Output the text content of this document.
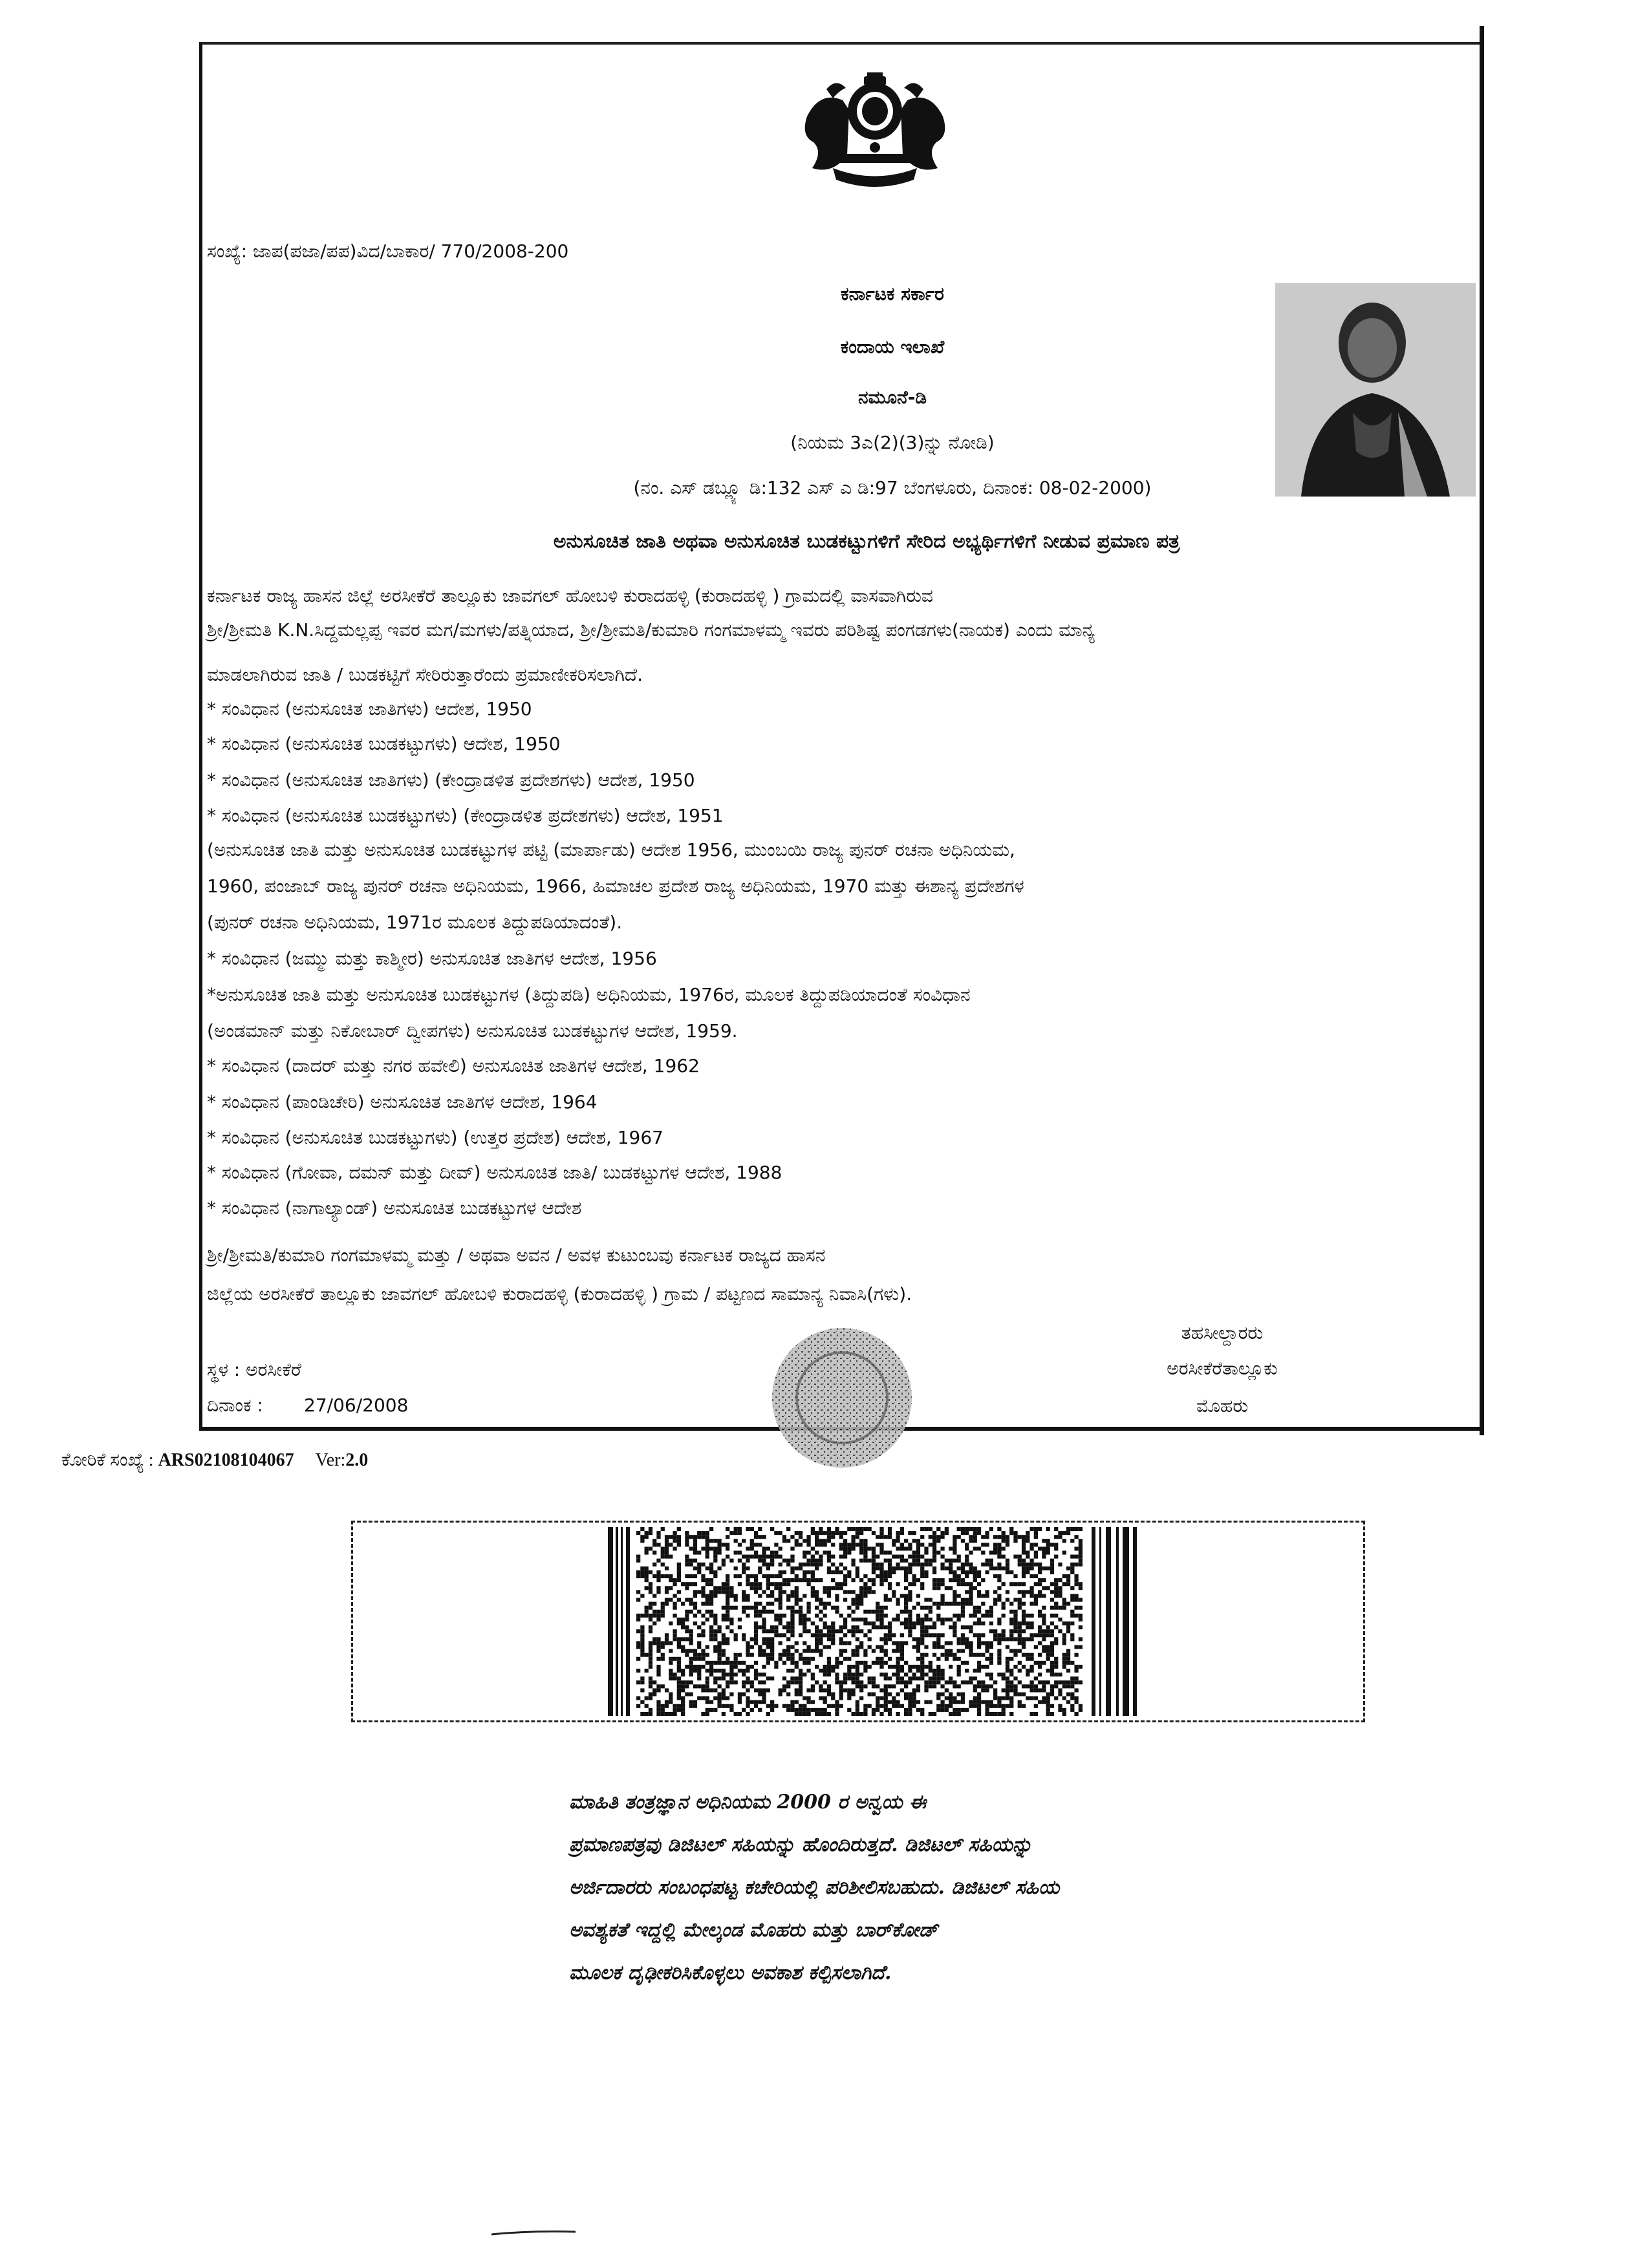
ಸಂಖ್ಯೆ: ಜಾಪ(ಪಜಾ/ಪಪ)ವಿದ/ಬಾಕಾರ/ 770/2008-200
ಕರ್ನಾಟಕ ಸರ್ಕಾರ
ಕಂದಾಯ ಇಲಾಖೆ
ನಮೂನೆ-ಡಿ
(ನಿಯಮ 3ಎ(2)(3)ನ್ನು ನೋಡಿ)
(ನಂ. ಎಸ್ ಡಬ್ಲ್ಯೂ ಡಿ:132 ಎಸ್ ಎ ಡಿ:97 ಬೆಂಗಳೂರು, ದಿನಾಂಕ: 08-02-2000)
ಅನುಸೂಚಿತ ಜಾತಿ ಅಥವಾ ಅನುಸೂಚಿತ ಬುಡಕಟ್ಟುಗಳಿಗೆ ಸೇರಿದ ಅಭ್ಯರ್ಥಿಗಳಿಗೆ ನೀಡುವ ಪ್ರಮಾಣ ಪತ್ರ
ಕರ್ನಾಟಕ ರಾಜ್ಯ ಹಾಸನ ಜಿಲ್ಲೆ ಅರಸೀಕೆರೆ ತಾಲ್ಲೂಕು ಜಾವಗಲ್ ಹೋಬಳಿ ಕುರಾದಹಳ್ಳಿ (ಕುರಾದಹಳ್ಳಿ ) ಗ್ರಾಮದಲ್ಲಿ ವಾಸವಾಗಿರುವ
ಶ್ರೀ/ಶ್ರೀಮತಿ K.N.ಸಿದ್ದಮಲ್ಲಪ್ಪ ಇವರ ಮಗ/ಮಗಳು/ಪತ್ನಿಯಾದ, ಶ್ರೀ/ಶ್ರೀಮತಿ/ಕುಮಾರಿ ಗಂಗಮಾಳಮ್ಮ ಇವರು ಪರಿಶಿಷ್ಟ ಪಂಗಡಗಳು(ನಾಯಕ) ಎಂದು ಮಾನ್ಯ
ಮಾಡಲಾಗಿರುವ ಜಾತಿ / ಬುಡಕಟ್ಟಿಗೆ ಸೇರಿರುತ್ತಾರೆಂದು ಪ್ರಮಾಣೀಕರಿಸಲಾಗಿದೆ.
* ಸಂವಿಧಾನ (ಅನುಸೂಚಿತ ಜಾತಿಗಳು) ಆದೇಶ, 1950
* ಸಂವಿಧಾನ (ಅನುಸೂಚಿತ ಬುಡಕಟ್ಟುಗಳು) ಆದೇಶ, 1950
* ಸಂವಿಧಾನ (ಅನುಸೂಚಿತ ಜಾತಿಗಳು) (ಕೇಂದ್ರಾಡಳಿತ ಪ್ರದೇಶಗಳು) ಆದೇಶ, 1950
* ಸಂವಿಧಾನ (ಅನುಸೂಚಿತ ಬುಡಕಟ್ಟುಗಳು) (ಕೇಂದ್ರಾಡಳಿತ ಪ್ರದೇಶಗಳು) ಆದೇಶ, 1951
(ಅನುಸೂಚಿತ ಜಾತಿ ಮತ್ತು ಅನುಸೂಚಿತ ಬುಡಕಟ್ಟುಗಳ ಪಟ್ಟಿ (ಮಾರ್ಪಾಡು) ಆದೇಶ 1956, ಮುಂಬಯಿ ರಾಜ್ಯ ಪುನರ್ ರಚನಾ ಅಧಿನಿಯಮ,
1960, ಪಂಜಾಬ್ ರಾಜ್ಯ ಪುನರ್ ರಚನಾ ಅಧಿನಿಯಮ, 1966, ಹಿಮಾಚಲ ಪ್ರದೇಶ ರಾಜ್ಯ ಅಧಿನಿಯಮ, 1970 ಮತ್ತು ಈಶಾನ್ಯ ಪ್ರದೇಶಗಳ
(ಪುನರ್ ರಚನಾ ಅಧಿನಿಯಮ, 1971ರ ಮೂಲಕ ತಿದ್ದುಪಡಿಯಾದಂತೆ).
* ಸಂವಿಧಾನ (ಜಮ್ಮು ಮತ್ತು ಕಾಶ್ಮೀರ) ಅನುಸೂಚಿತ ಜಾತಿಗಳ ಆದೇಶ, 1956
*ಅನುಸೂಚಿತ ಜಾತಿ ಮತ್ತು ಅನುಸೂಚಿತ ಬುಡಕಟ್ಟುಗಳ (ತಿದ್ದುಪಡಿ) ಅಧಿನಿಯಮ, 1976ರ, ಮೂಲಕ ತಿದ್ದುಪಡಿಯಾದಂತೆ ಸಂವಿಧಾನ
(ಅಂಡಮಾನ್ ಮತ್ತು ನಿಕೋಬಾರ್ ದ್ವೀಪಗಳು) ಅನುಸೂಚಿತ ಬುಡಕಟ್ಟುಗಳ ಆದೇಶ, 1959.
* ಸಂವಿಧಾನ (ದಾದರ್ ಮತ್ತು ನಗರ ಹವೇಲಿ) ಅನುಸೂಚಿತ ಜಾತಿಗಳ ಆದೇಶ, 1962
* ಸಂವಿಧಾನ (ಪಾಂಡಿಚೇರಿ) ಅನುಸೂಚಿತ ಜಾತಿಗಳ ಆದೇಶ, 1964
* ಸಂವಿಧಾನ (ಅನುಸೂಚಿತ ಬುಡಕಟ್ಟುಗಳು) (ಉತ್ತರ ಪ್ರದೇಶ) ಆದೇಶ, 1967
* ಸಂವಿಧಾನ (ಗೋವಾ, ದಮನ್ ಮತ್ತು ದೀವ್) ಅನುಸೂಚಿತ ಜಾತಿ/ ಬುಡಕಟ್ಟುಗಳ ಆದೇಶ, 1988
* ಸಂವಿಧಾನ (ನಾಗಾಲ್ಯಾಂಡ್) ಅನುಸೂಚಿತ ಬುಡಕಟ್ಟುಗಳ ಆದೇಶ
ಶ್ರೀ/ಶ್ರೀಮತಿ/ಕುಮಾರಿ ಗಂಗಮಾಳಮ್ಮ ಮತ್ತು / ಅಥವಾ ಅವನ / ಅವಳ ಕುಟುಂಬವು ಕರ್ನಾಟಕ ರಾಜ್ಯದ ಹಾಸನ
ಜಿಲ್ಲೆಯ ಅರಸೀಕೆರೆ ತಾಲ್ಲೂಕು ಜಾವಗಲ್ ಹೋಬಳಿ ಕುರಾದಹಳ್ಳಿ (ಕುರಾದಹಳ್ಳಿ ) ಗ್ರಾಮ / ಪಟ್ಟಣದ ಸಾಮಾನ್ಯ ನಿವಾಸಿ(ಗಳು).
ಸ್ಥಳ : ಅರಸೀಕೆರೆ
ದಿನಾಂಕ : 27/06/2008
ತಹಸೀಲ್ದಾರರು
ಅರಸೀಕೆರೆತಾಲ್ಲೂಕು
ಮೊಹರು
ಕೋರಿಕೆ ಸಂಖ್ಯೆ : ARS02108104067 Ver:2.0
ಮಾಹಿತಿ ತಂತ್ರಜ್ಞಾನ ಅಧಿನಿಯಮ 2000 ರ ಅನ್ವಯ ಈ
ಪ್ರಮಾಣಪತ್ರವು ಡಿಜಿಟಲ್ ಸಹಿಯನ್ನು ಹೊಂದಿರುತ್ತದೆ. ಡಿಜಿಟಲ್ ಸಹಿಯನ್ನು
ಅರ್ಜಿದಾರರು ಸಂಬಂಧಪಟ್ಟ ಕಚೇರಿಯಲ್ಲಿ ಪರಿಶೀಲಿಸಬಹುದು. ಡಿಜಿಟಲ್ ಸಹಿಯ
ಅವಶ್ಯಕತೆ ಇದ್ದಲ್ಲಿ ಮೇಲ್ಕಂಡ ಮೊಹರು ಮತ್ತು ಬಾರ್‌ಕೋಡ್
ಮೂಲಕ ದೃಢೀಕರಿಸಿಕೊಳ್ಳಲು ಅವಕಾಶ ಕಲ್ಪಿಸಲಾಗಿದೆ.
